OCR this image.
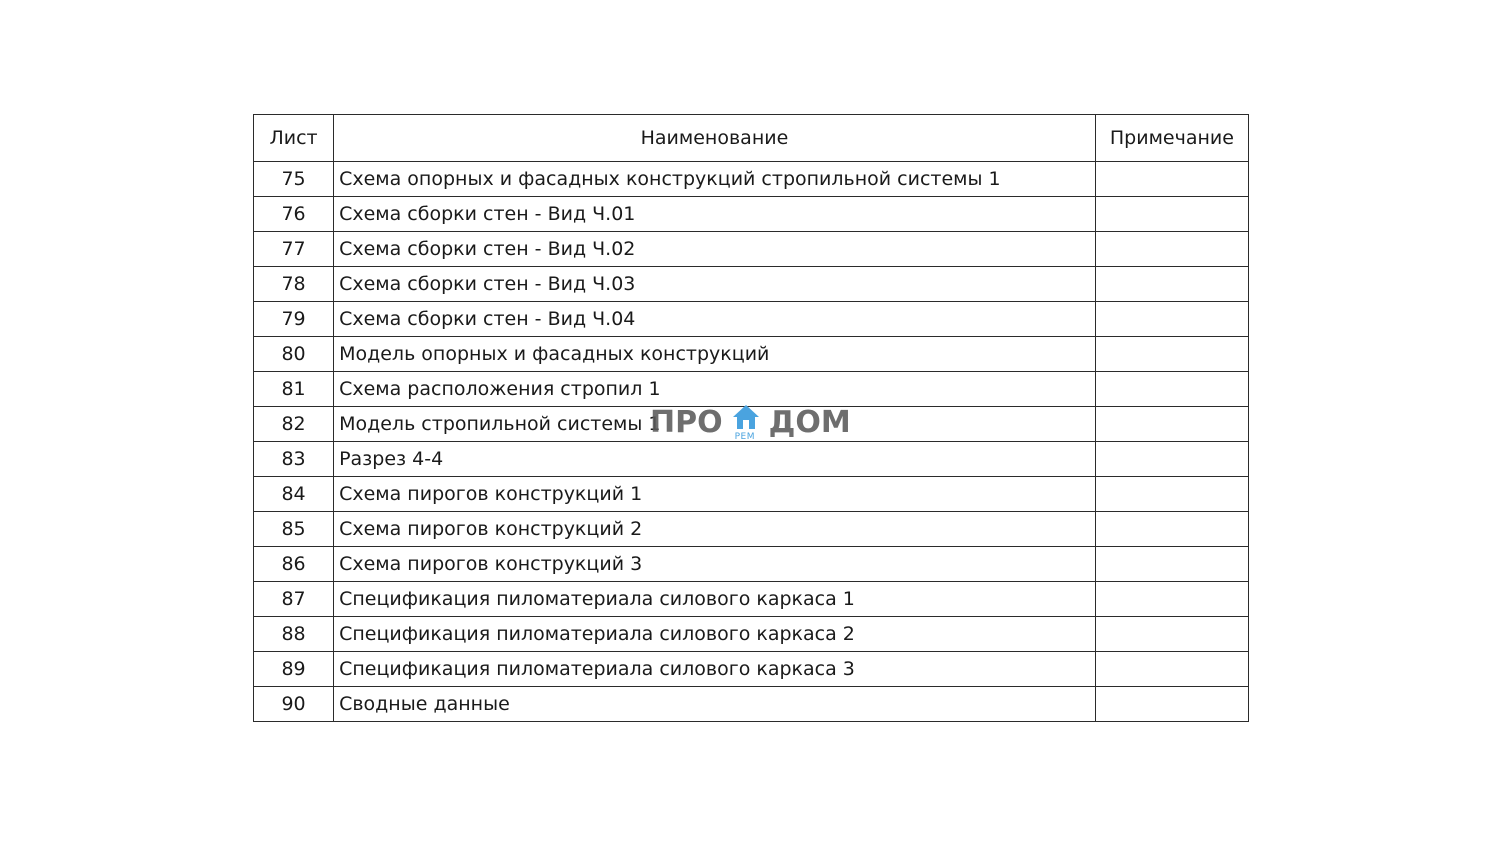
Лист	Наименование	Примечание
75	Схема опорных и фасадных конструкций стропильной системы 1	
76	Схема сборки стен - Вид Ч.01	
77	Схема сборки стен - Вид Ч.02	
78	Схема сборки стен - Вид Ч.03	
79	Схема сборки стен - Вид Ч.04	
80	Модель опорных и фасадных конструкций	
81	Схема расположения стропил 1	
82	Модель стропильной системы 1	
83	Разрез 4-4	
84	Схема пирогов конструкций 1	
85	Схема пирогов конструкций 2	
86	Схема пирогов конструкций 3	
87	Спецификация пиломатериала силового каркаса 1	
88	Спецификация пиломатериала силового каркаса 2	
89	Спецификация пиломатериала силового каркаса 3	
90	Сводные данные	
ПРО РЕМ ДОМ
